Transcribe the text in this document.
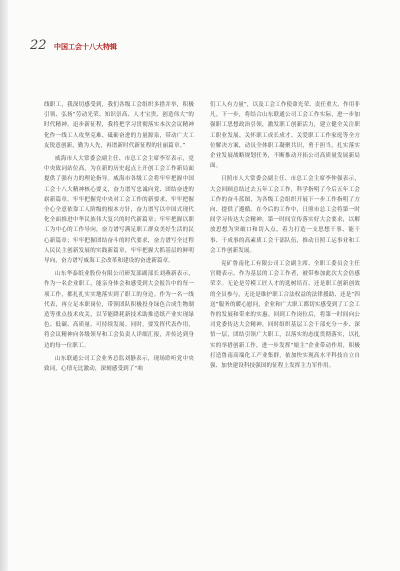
22 中国工会十八大特辑

线职工，我深切感受到，我们各级工会组织多措并举，积极引领、弘扬“劳动光荣、知识崇高、人才宝贵、创造伟大”的时代精神，迅步新征程，我将把学习贯彻落实本次会议精神化作一线工人攻坚克难、砥砺奋进的力量源泉，带动广大工友锐意创新，勤为人先，再谱新时代新征程的壮丽篇章。”

威海市人大常委会副主任、市总工会主席李军表示，党中央致词站位高，为在新的历史起点上开创工会工作新局面提供了强有力的理论指导。威海市各级工会将牢牢把握中国工会十八大精神核心要义，奋力谱写忠诚向党、团结奋进的崭新篇章。牢牢把握党中央对工会工作的新要求，牢牢把握全心全意依靠工人阶级的根本方针，奋力谱写以中国式现代化全面推进中华民族伟大复兴的时代新篇章；牢牢把握以职工为中心的工作导向，奋力谱写满足职工群众美好生活的民心新篇章；牢牢把握团结奋斗的时代要求，奋力谱写全过程人民民主创新发展的实践新篇章，牢牢把握大抓基层的鲜明导向，奋力谱写威海工会改革和建设的奋进新篇章。

山东华泰纸业股份有限公司研发部副部长刘燕新表示，作为一名企业职工，能亲身体会和感受到大会报告中的每一项工作，都扎扎实实地落实到了职工的身边。作为一名一线代表，再立足本职岗位，带领团队积极投身绿色合成生物制造等重点技术攻关，以节能降耗新技术助推造纸产业实现绿色、低碳、高质量、可持续发展。同时，要发挥代表作用，将会议精神向各级领导和工会负责人详细汇报，并传达到身边的每一位职工。

山东联通公司工会业务总监刘静表示，现场聆听党中央致词，心情无比激动，深刻感受到了“咱

们工人有力量”，以及工会工作使命光荣、责任重大、作用非凡。下一步，将结合山东联通公司工会工作实际，进一步加强职工思想政治引领，激发职工创新活力，建立健全关注职工职业发展、关怀职工成长成才、关爱职工工作家庭等全方位解决方案，动员全体职工凝聚共识，勇于担当，扎实落实企业发展战略规划任务，不断推动开拓公司高质量发展新局面。

日照市人大常委会副主任、市总工会主席李仲强表示，大会回顾总结过去五年工会工作，科学指明了今后五年工会工作的奋斗蓝图，为各级工会组织开展下一步工作指明了方向、提供了遵循。在今后的工作中，日照市总工会将第一时间学习传达大会精神，第一时间宣传落实好大会要求，以解放思想为突破口和切入点，着力打造一支思想干事、能干事、干成事的高素质工会干部队伍，推动日照工运事业和工会工作创新发展。

兖矿鲁南化工有限公司工会副主席、全职工委员会主任官晓表示，作为基层的工会工作者，被带参加此次大会倍感荣幸。无论是劳模工匠人才的选树培育、还是职工创新创效的全员参与，无论是维护职工合法权益的法律援助、还是“四送”服务的暖心慰问，企业和广大职工都切实感受到了工会工作的发展和带来的实惠。回到工作岗位后，将第一时间向公司党委传达大会精神，同时组织基层工会干部充分一步、深悟一层，团结引领广大职工，以落实的态度贯彻落实，以扎实的举措创新工作，进一步发挥“娘主”企业带动作用，积极打造鲁南高端化工产业集群，依加快实现高水平科技自立自强、加快建设科技强国的征程上发挥主力军作用。
